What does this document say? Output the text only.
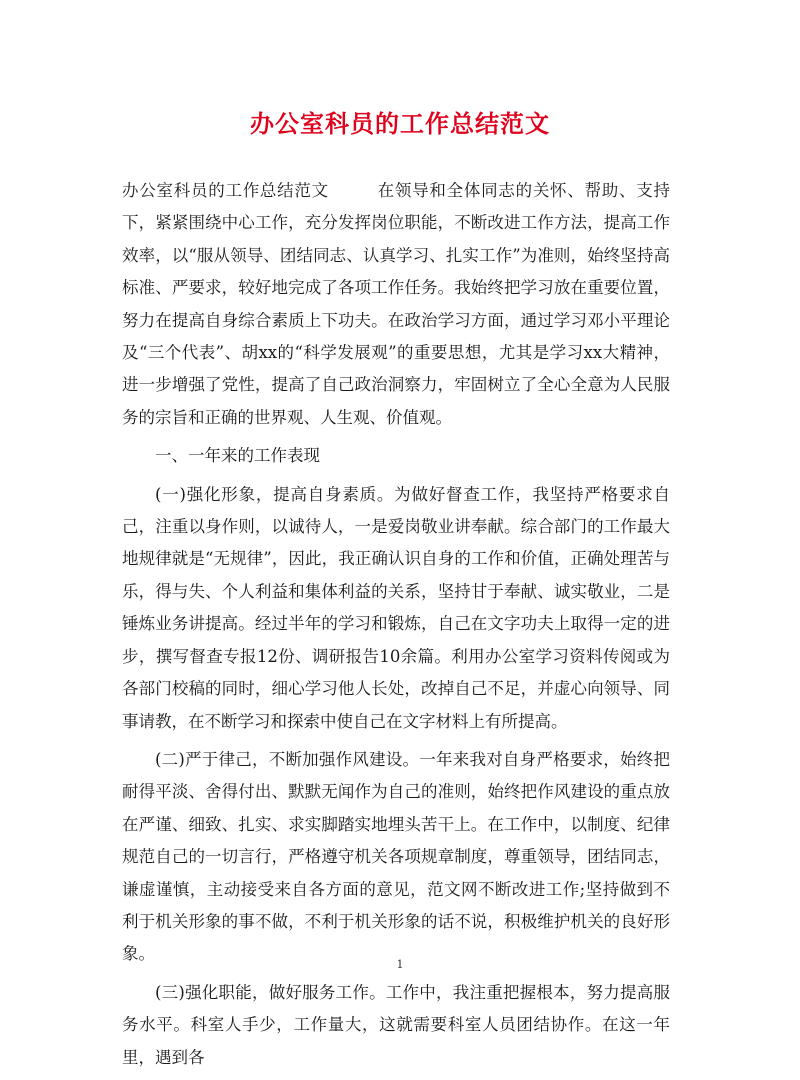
办公室科员的工作总结范文

办公室科员的工作总结范文	在领导和全体同志的关怀、帮助、支持下，紧紧围绕中心工作，充分发挥岗位职能，不断改进工作方法，提高工作效率，以“服从领导、团结同志、认真学习、扎实工作”为准则，始终坚持高标准、严要求，较好地完成了各项工作任务。我始终把学习放在重要位置，努力在提高自身综合素质上下功夫。在政治学习方面，通过学习邓小平理论及“三个代表”、胡xx的“科学发展观”的重要思想，尤其是学习xx大精神，进一步增强了党性，提高了自己政治洞察力，牢固树立了全心全意为人民服务的宗旨和正确的世界观、人生观、价值观。

一、一年来的工作表现

(一)强化形象，提高自身素质。为做好督查工作，我坚持严格要求自己，注重以身作则，以诚待人，一是爱岗敬业讲奉献。综合部门的工作最大地规律就是“无规律”，因此，我正确认识自身的工作和价值，正确处理苦与乐，得与失、个人利益和集体利益的关系，坚持甘于奉献、诚实敬业，二是锤炼业务讲提高。经过半年的学习和锻炼，自己在文字功夫上取得一定的进步，撰写督查专报12份、调研报告10余篇。利用办公室学习资料传阅或为各部门校稿的同时，细心学习他人长处，改掉自己不足，并虚心向领导、同事请教，在不断学习和探索中使自己在文字材料上有所提高。

(二)严于律己，不断加强作风建设。一年来我对自身严格要求，始终把耐得平淡、舍得付出、默默无闻作为自己的准则，始终把作风建设的重点放在严谨、细致、扎实、求实脚踏实地埋头苦干上。在工作中，以制度、纪律规范自己的一切言行，严格遵守机关各项规章制度，尊重领导，团结同志，谦虚谨慎，主动接受来自各方面的意见，范文网不断改进工作;坚持做到不利于机关形象的事不做，不利于机关形象的话不说，积极维护机关的良好形象。

(三)强化职能，做好服务工作。工作中，我注重把握根本，努力提高服务水平。科室人手少，工作量大，这就需要科室人员团结协作。在这一年里，遇到各

1
